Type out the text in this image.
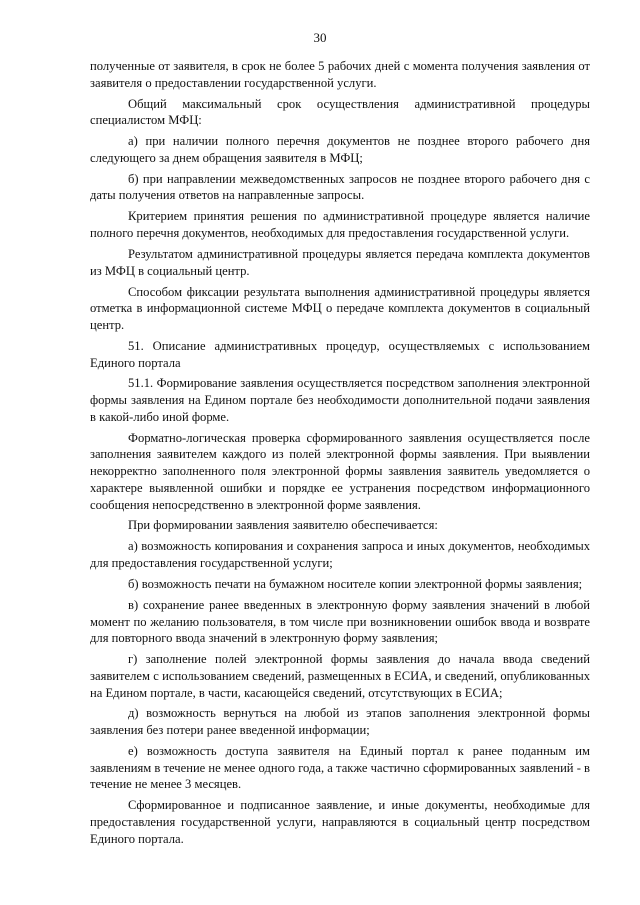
30

полученные от заявителя, в срок не более 5 рабочих дней с момента получения заявления от заявителя о предоставлении государственной услуги.

Общий максимальный срок осуществления административной процедуры специалистом МФЦ:

а) при наличии полного перечня документов не позднее второго рабочего дня следующего за днем обращения заявителя в МФЦ;

б) при направлении межведомственных запросов не позднее второго рабочего дня с даты получения ответов на направленные запросы.

Критерием принятия решения по административной процедуре является наличие полного перечня документов, необходимых для предоставления государственной услуги.

Результатом административной процедуры является передача комплекта документов из МФЦ в социальный центр.

Способом фиксации результата выполнения административной процедуры является отметка в информационной системе МФЦ о передаче комплекта документов в социальный центр.

51. Описание административных процедур, осуществляемых с использованием Единого портала

51.1. Формирование заявления осуществляется посредством заполнения электронной формы заявления на Едином портале без необходимости дополнительной подачи заявления в какой-либо иной форме.

Форматно-логическая проверка сформированного заявления осуществляется после заполнения заявителем каждого из полей электронной формы заявления. При выявлении некорректно заполненного поля электронной формы заявления заявитель уведомляется о характере выявленной ошибки и порядке ее устранения посредством информационного сообщения непосредственно в электронной форме заявления.

При формировании заявления заявителю обеспечивается:

а) возможность копирования и сохранения запроса и иных документов, необходимых для предоставления государственной услуги;

б) возможность печати на бумажном носителе копии электронной формы заявления;

в) сохранение ранее введенных в электронную форму заявления значений в любой момент по желанию пользователя, в том числе при возникновении ошибок ввода и возврате для повторного ввода значений в электронную форму заявления;

г) заполнение полей электронной формы заявления до начала ввода сведений заявителем с использованием сведений, размещенных в ЕСИА, и сведений, опубликованных на Едином портале, в части, касающейся сведений, отсутствующих в ЕСИА;

д) возможность вернуться на любой из этапов заполнения электронной формы заявления без потери ранее введенной информации;

е) возможность доступа заявителя на Единый портал к ранее поданным им заявлениям в течение не менее одного года, а также частично сформированных заявлений - в течение не менее 3 месяцев.

Сформированное и подписанное заявление, и иные документы, необходимые для предоставления государственной услуги, направляются в социальный центр посредством Единого портала.
